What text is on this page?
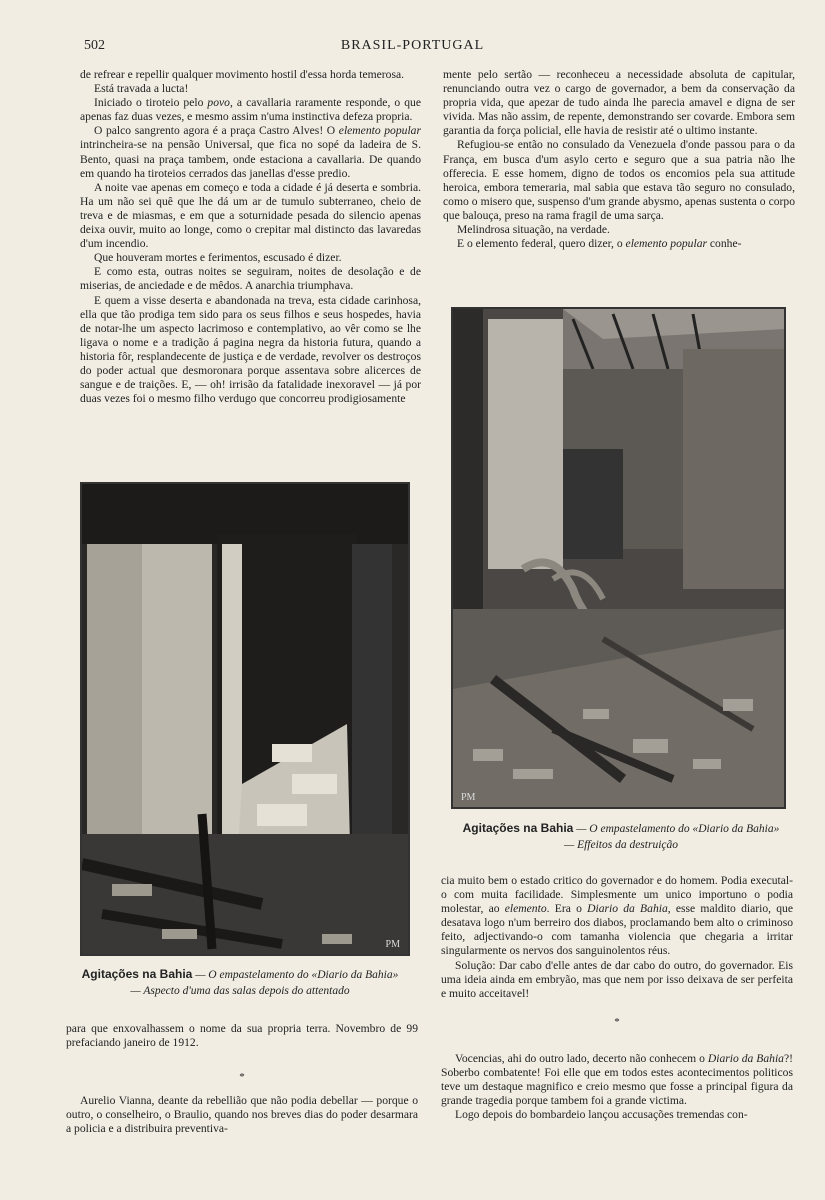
502	BRASIL-PORTUGAL

de refrear e repellir qualquer movimento hostil d'essa horda temerosa.

Está travada a lucta!

Iniciado o tiroteio pelo povo, a cavallaria raramente responde, o que apenas faz duas vezes, e mesmo assim n'uma instinctiva defeza propria.

O palco sangrento agora é a praça Castro Alves! O elemento popular intrincheira-se na pensão Universal, que fica no sopé da ladeira de S. Bento, quasi na praça tambem, onde estaciona a cavallaria. De quando em quando ha tiroteios cerrados das janellas d'esse predio.

A noite vae apenas em começo e toda a cidade é já deserta e sombria. Ha um não sei quê que lhe dá um ar de tumulo subterraneo, cheio de treva e de miasmas, e em que a soturnidade pesada do silencio apenas deixa ouvir, muito ao longe, como o crepitar mal distincto das lavaredas d'um incendio.

Que houveram mortes e ferimentos, escusado é dizer.

E como esta, outras noites se seguiram, noites de desolação e de miserias, de anciedade e de mêdos. A anarchia triumphava.

E quem a visse deserta e abandonada na treva, esta cidade carinhosa, ella que tão prodiga tem sido para os seus filhos e seus hospedes, havia de notar-lhe um aspecto lacrimoso e contemplativo, ao vêr como se lhe ligava o nome e a tradição á pagina negra da historia futura, quando a historia fôr, resplandecente de justiça e de verdade, revolver os destroços do poder actual que desmoronara porque assentava sobre alicerces de sangue e de traições. E, — oh! irrisão da fatalidade inexoravel — já por duas vezes foi o mesmo filho verdugo que concorreu prodigiosamente

mente pelo sertão — reconheceu a necessidade absoluta de capitular, renunciando outra vez o cargo de governador, a bem da conservação da propria vida, que apezar de tudo ainda lhe parecia amavel e digna de ser vivida. Mas não assim, de repente, demonstrando ser covarde. Embora sem garantia da força policial, elle havia de resistir até o ultimo instante.

Refugiou-se então no consulado da Venezuela d'onde passou para o da França, em busca d'um asylo certo e seguro que a sua patria não lhe offerecia. E esse homem, digno de todos os encomios pela sua attitude heroica, embora temeraria, mal sabia que estava tão seguro no consulado, como o misero que, suspenso d'um grande abysmo, apenas sustenta o corpo que balouça, preso na rama fragil de uma sarça.

Melindrosa situação, na verdade.

E o elemento federal, quero dizer, o elemento popular conhe-

PM
Agitações na Bahia — O empastelamento do «Diario da Bahia»
— Effeitos da destruição
PM
Agitações na Bahia — O empastelamento do «Diario da Bahia»
— Aspecto d'uma das salas depois do attentado

para que enxovalhassem o nome da sua propria terra. Novembro de 99 prefaciando janeiro de 1912.

*

Aurelio Vianna, deante da rebellião que não podia debellar — porque o outro, o conselheiro, o Braulio, quando nos breves dias do poder desarmara a policia e a distribuira preventiva-

cia muito bem o estado critico do governador e do homem. Podia executal-o com muita facilidade. Simplesmente um unico importuno o podia molestar, ao elemento. Era o Diario da Bahia, esse maldito diario, que desatava logo n'um berreiro dos diabos, proclamando bem alto o criminoso feito, adjectivando-o com tamanha violencia que chegaria a irritar singularmente os nervos dos sanguinolentos réus.

Solução: Dar cabo d'elle antes de dar cabo do outro, do governador. Eis uma ideia ainda em embryão, mas que nem por isso deixava de ser perfeita e muito acceitavel!

*

Vocencias, ahi do outro lado, decerto não conhecem o Diario da Bahia?! Soberbo combatente! Foi elle que em todos estes acontecimentos politicos teve um destaque magnifico e creio mesmo que fosse a principal figura da grande tragedia porque tambem foi a grande victima.

Logo depois do bombardeio lançou accusações tremendas con-
